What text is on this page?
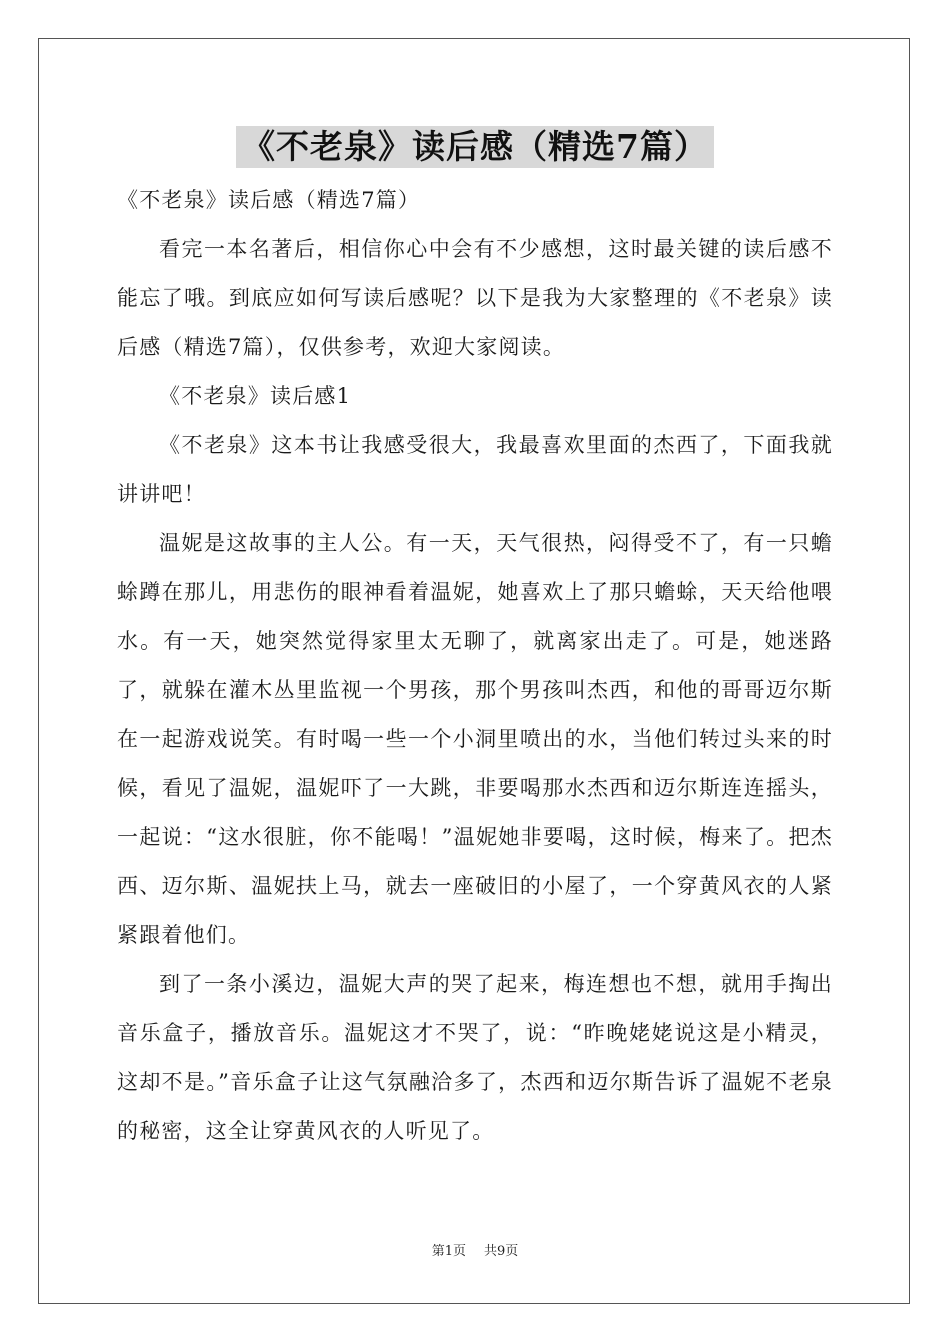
《不老泉》读后感（精选7篇）

《不老泉》读后感（精选7篇）

看完一本名著后，相信你心中会有不少感想，这时最关键的读后感不能忘了哦。到底应如何写读后感呢？以下是我为大家整理的《不老泉》读后感（精选7篇），仅供参考，欢迎大家阅读。

《不老泉》读后感1

《不老泉》这本书让我感受很大，我最喜欢里面的杰西了，下面我就讲讲吧！

温妮是这故事的主人公。有一天，天气很热，闷得受不了，有一只蟾蜍蹲在那儿，用悲伤的眼神看着温妮，她喜欢上了那只蟾蜍，天天给他喂水。有一天，她突然觉得家里太无聊了，就离家出走了。可是，她迷路了，就躲在灌木丛里监视一个男孩，那个男孩叫杰西，和他的哥哥迈尔斯在一起游戏说笑。有时喝一些一个小洞里喷出的水，当他们转过头来的时候，看见了温妮，温妮吓了一大跳，非要喝那水杰西和迈尔斯连连摇头，一起说：“这水很脏，你不能喝！”温妮她非要喝，这时候，梅来了。把杰西、迈尔斯、温妮扶上马，就去一座破旧的小屋了，一个穿黄风衣的人紧紧跟着他们。

到了一条小溪边，温妮大声的哭了起来，梅连想也不想，就用手掏出音乐盒子，播放音乐。温妮这才不哭了，说：“昨晚姥姥说这是小精灵，这却不是。”音乐盒子让这气氛融洽多了，杰西和迈尔斯告诉了温妮不老泉的秘密，这全让穿黄风衣的人听见了。

第1页 共9页
